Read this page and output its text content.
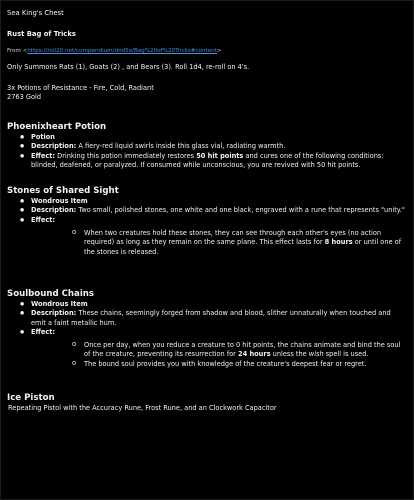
Sea King's Chest
Rust Bag of Tricks
From <https://roll20.net/compendium/dnd5e/Bag%20of%20Tricks#content>
Only Summons Rats (1), Goats (2) , and Bears (3). Roll 1d4, re-roll on 4's.
3x Potions of Resistance - Fire, Cold, Radiant
2763 Gold
Phoenixheart Potion
● Potion
● Description: A fiery-red liquid swirls inside this glass vial, radiating warmth.
● Effect: Drinking this potion immediately restores 50 hit points and cures one of the following conditions: blinded, deafened, or paralyzed. If consumed while unconscious, you are revived with 50 hit points.
Stones of Shared Sight
● Wondrous Item
● Description: Two small, polished stones, one white and one black, engraved with a rune that represents "unity."
● Effect:
o When two creatures hold these stones, they can see through each other's eyes (no action required) as long as they remain on the same plane. This effect lasts for 8 hours or until one of the stones is released.
Soulbound Chains
● Wondrous Item
● Description: These chains, seemingly forged from shadow and blood, slither unnaturally when touched and emit a faint metallic hum.
● Effect:
o Once per day, when you reduce a creature to 0 hit points, the chains animate and bind the soul of the creature, preventing its resurrection for 24 hours unless the wish spell is used.
o The bound soul provides you with knowledge of the creature's deepest fear or regret.
Ice Piston
Repeating Pistol with the Accuracy Rune, Frost Rune, and an Clockwork Capacitor
